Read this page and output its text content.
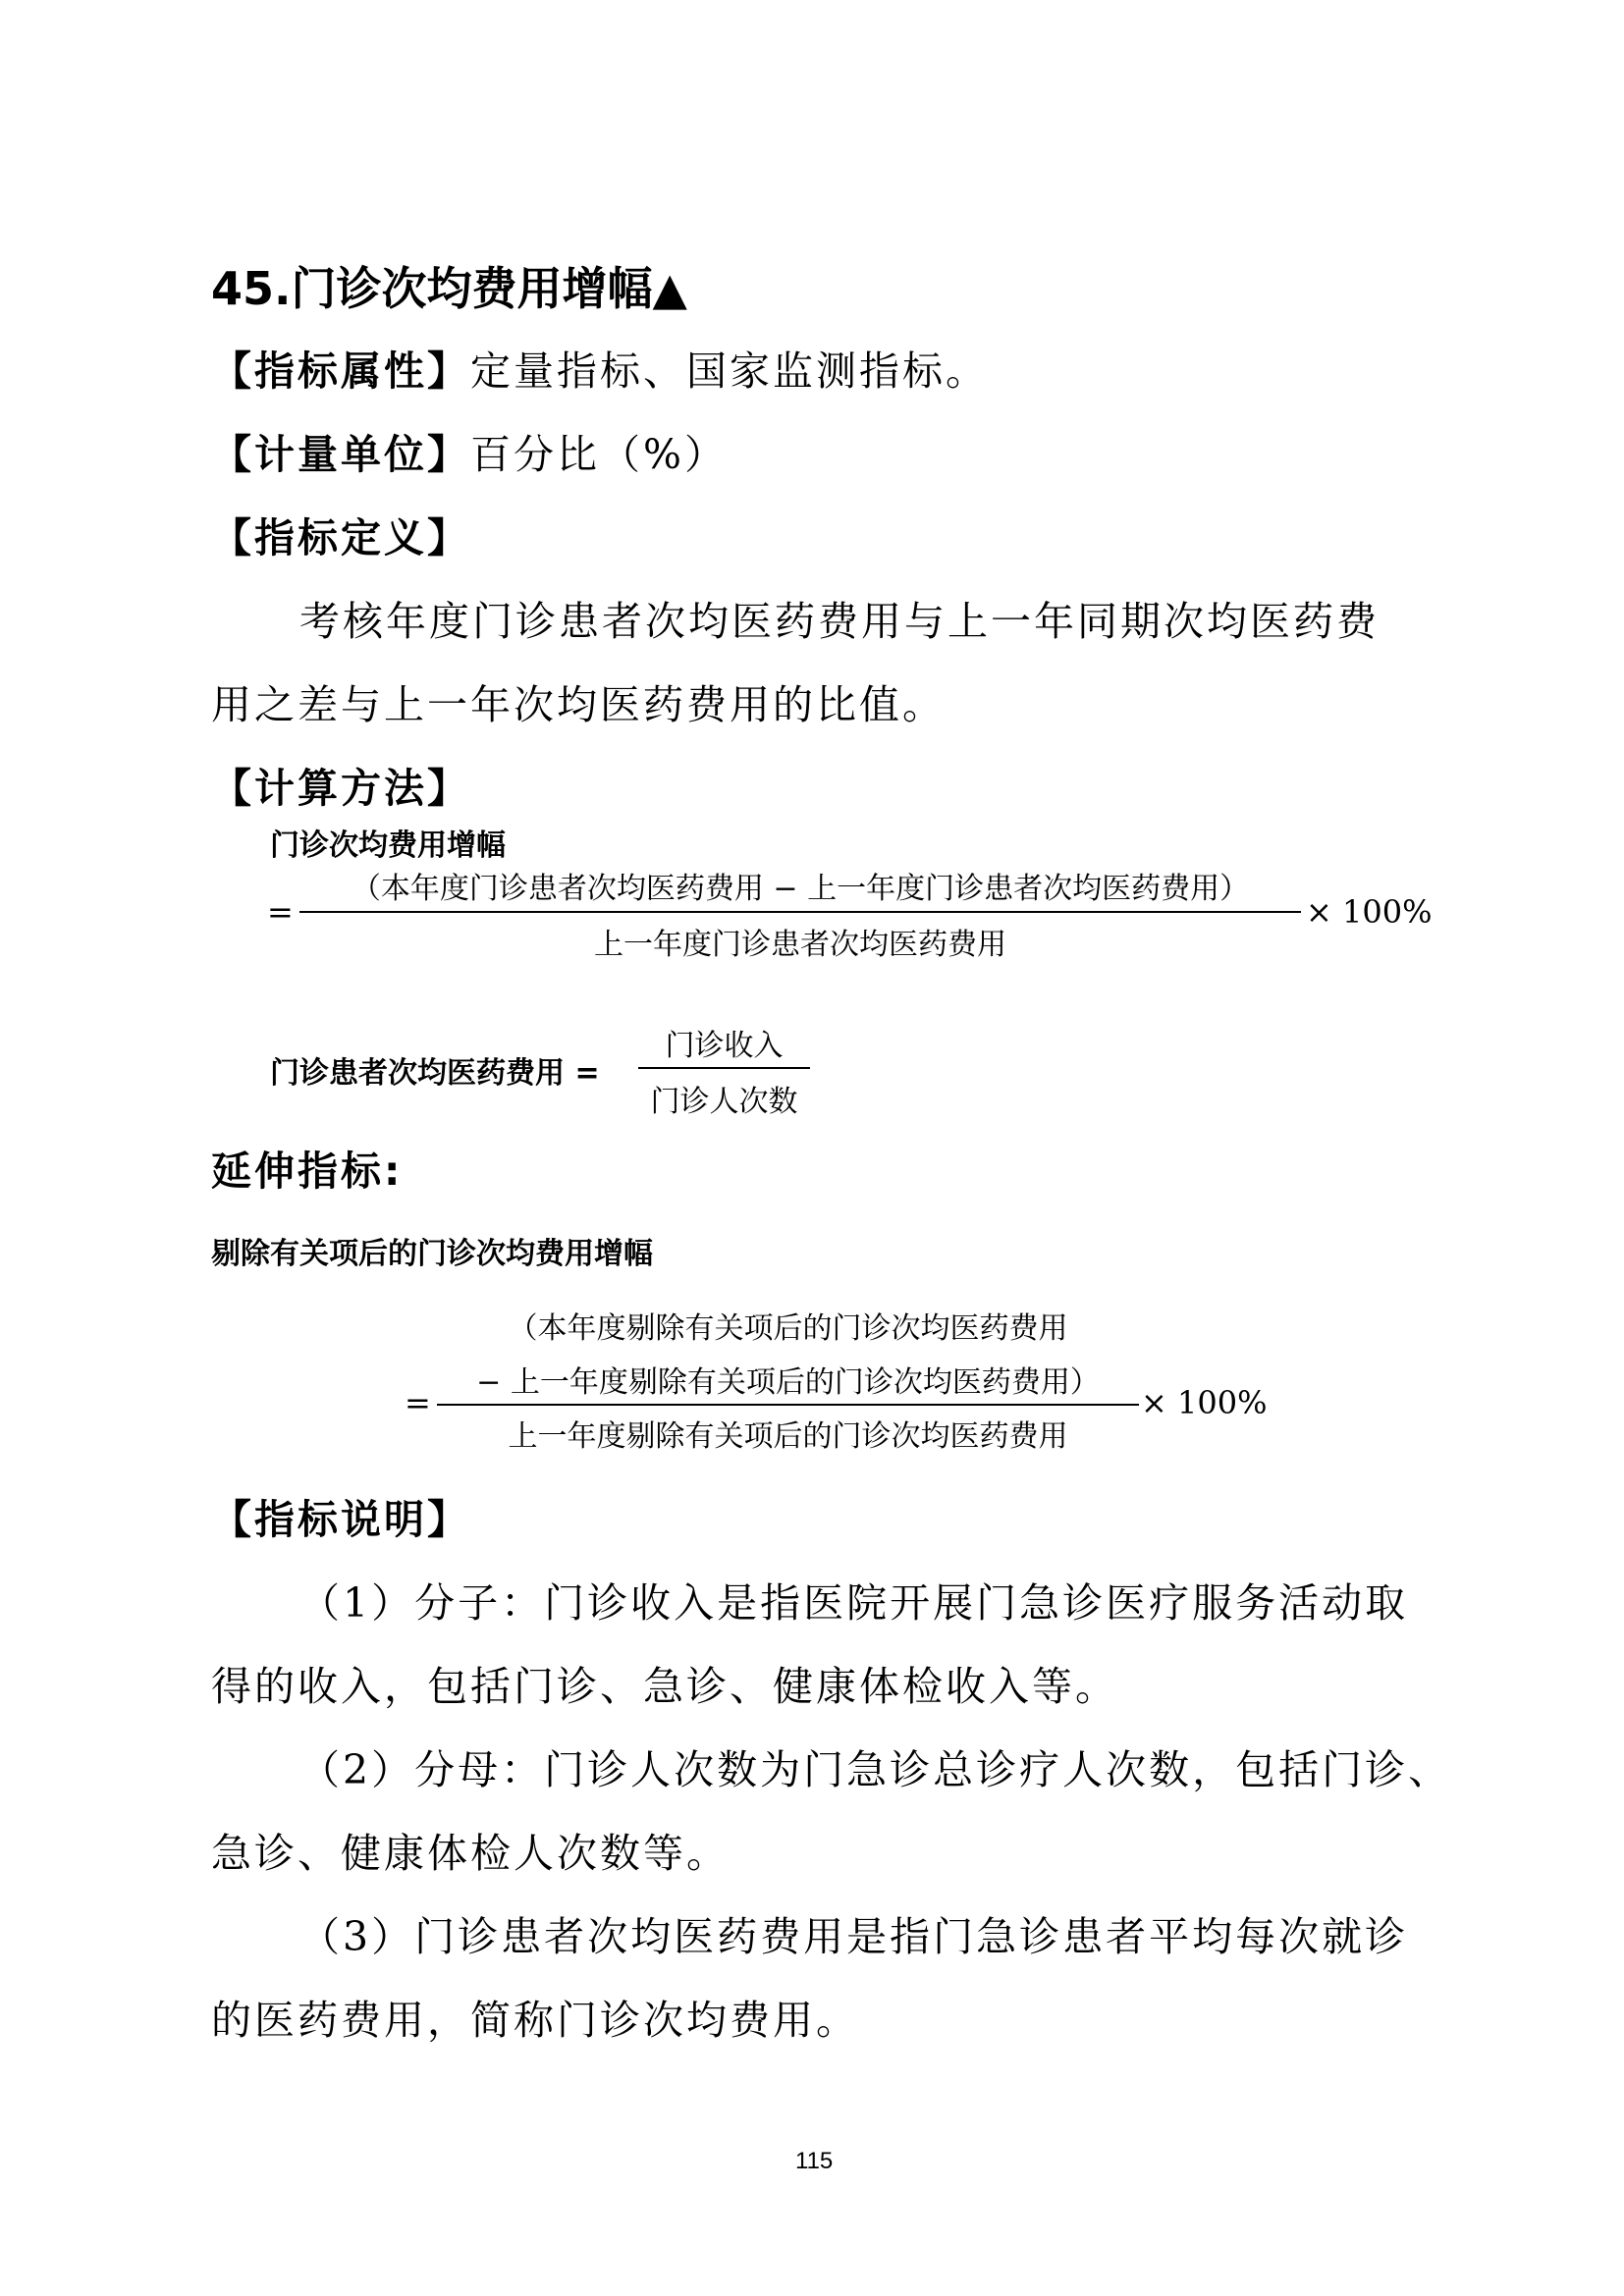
45.门诊次均费用增幅▲
【指标属性】定量指标、国家监测指标。
【计量单位】百分比（%）
【指标定义】
考核年度门诊患者次均医药费用与上一年同期次均医药费
用之差与上一年次均医药费用的比值。
【计算方法】
门诊次均费用增幅
=
（本年度门诊患者次均医药费用 − 上一年度门诊患者次均医药费用）
上一年度门诊患者次均医药费用
× 100%
门诊患者次均医药费用 =
门诊收入
门诊人次数
延伸指标:
剔除有关项后的门诊次均费用增幅
=
（本年度剔除有关项后的门诊次均医药费用
− 上一年度剔除有关项后的门诊次均医药费用）
上一年度剔除有关项后的门诊次均医药费用
× 100%
【指标说明】
（1）分子：门诊收入是指医院开展门急诊医疗服务活动取
得的收入，包括门诊、急诊、健康体检收入等。
（2）分母：门诊人次数为门急诊总诊疗人次数，包括门诊、
急诊、健康体检人次数等。
（3）门诊患者次均医药费用是指门急诊患者平均每次就诊
的医药费用，简称门诊次均费用。
115
